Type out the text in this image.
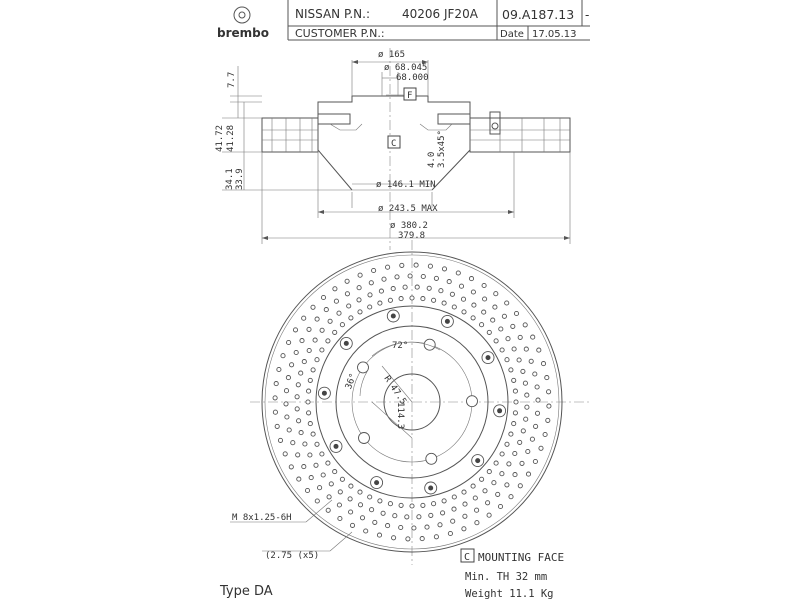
brembo
NISSAN P.N.:	40206 JF20A
CUSTOMER P.N.:
09.A187.13 -
Date 17.05.13
F
C
ø 165
ø 68.045
68.000
7.7
41.72 41.28
34.1 33.9
4.0 3.5x45°
ø 146.1 MIN
ø 243.5 MAX
ø 380.2
379.8
72°
36° R 47.5
114.3
M 8x1.25-6H
(2.75 (x5)	C MOUNTING FACE
Min. TH 32 mm
Weight 11.1 Kg
Type DA
